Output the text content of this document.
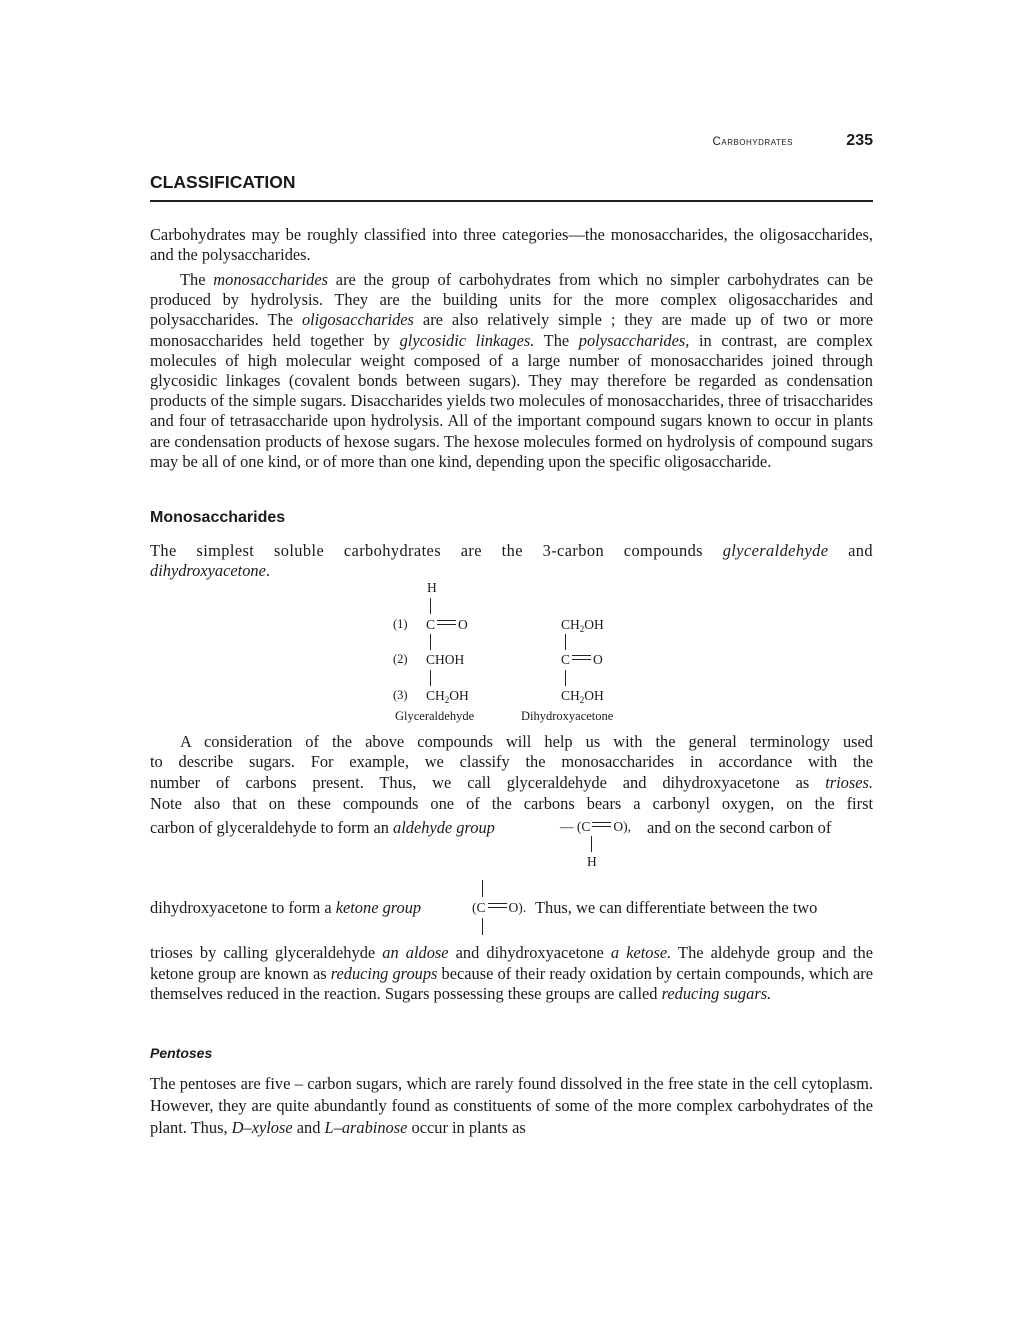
Carbohydrates	235
CLASSIFICATION
Carbohydrates may be roughly classified into three categories—the monosaccharides, the oligosaccharides, and the polysaccharides.
The monosaccharides are the group of carbohydrates from which no simpler carbohydrates can be produced by hydrolysis. They are the building units for the more complex oligosaccharides and polysaccharides. The oligosaccharides are also relatively simple ; they are made up of two or more monosaccharides held together by glycosidic linkages. The polysaccharides, in contrast, are complex molecules of high molecular weight composed of a large number of monosaccharides joined through glycosidic linkages (covalent bonds between sugars). They may therefore be regarded as condensation products of the simple sugars. Disaccharides yields two molecules of monosaccharides, three of trisaccharides and four of tetrasaccharide upon hydrolysis. All of the important compound sugars known to occur in plants are condensation products of hexose sugars. The hexose molecules formed on hydrolysis of compound sugars may be all of one kind, or of more than one kind, depending upon the specific oligosaccharide.
Monosaccharides
The simplest soluble carbohydrates are the 3-carbon compounds glyceraldehyde and
dihydroxyacetone.
H
(1) C O
(2) CHOH
(3) $CH_2OH$
Glyceraldehyde
$CH_2OH$
C O
$CH_2OH$
Dihydroxyacetone
A consideration of the above compounds will help us with the general terminology used
to describe sugars. For example, we classify the monosaccharides in accordance with the
number of carbons present. Thus, we call glyceraldehyde and dihydroxyacetone as trioses.
Note also that on these compounds one of the carbons bears a carbonyl oxygen, on the first
carbon of glyceraldehyde to form an aldehyde group	— (C O),
H
and on the second carbon of
dihydroxyacetone to form a ketone group	(C O). Thus, we can differentiate between the two
trioses by calling glyceraldehyde an aldose and dihydroxyacetone a ketose. The aldehyde group and the ketone group are known as reducing groups because of their ready oxidation by certain compounds, which are themselves reduced in the reaction. Sugars possessing these groups are called reducing sugars.
Pentoses
The pentoses are five – carbon sugars, which are rarely found dissolved in the free state in the cell cytoplasm. However, they are quite abundantly found as constituents of some of the more complex carbohydrates of the plant. Thus, D–xylose and L–arabinose occur in plants as
